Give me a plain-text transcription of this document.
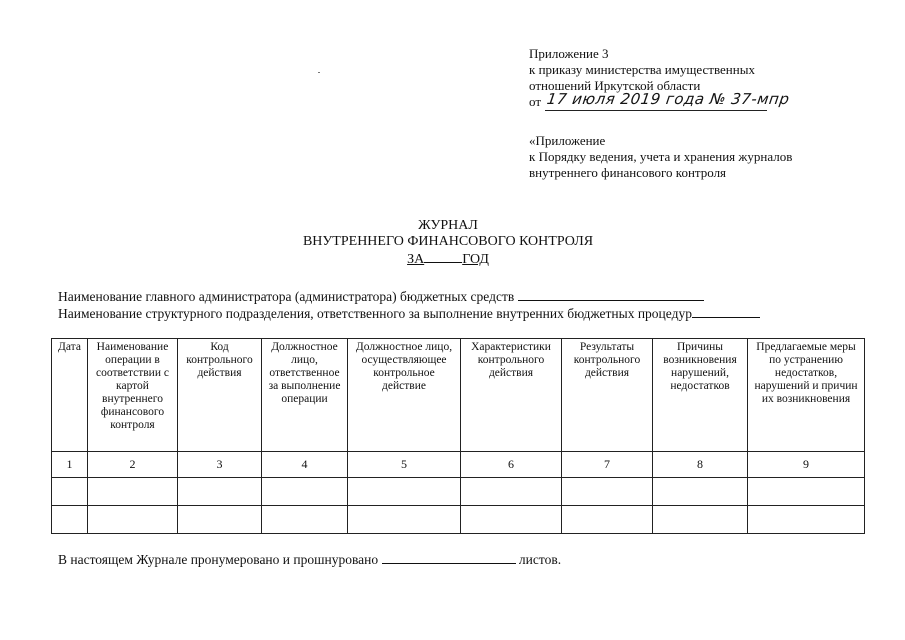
Приложение 3
к приказу министерства имущественных
отношений Иркутской области
от 17 июля 2019 года № 37-мпр
«Приложение
к Порядку ведения, учета и хранения журналов
внутреннего финансового контроля
ЖУРНАЛ
ВНУТРЕННЕГО ФИНАНСОВОГО КОНТРОЛЯ
ЗА	ГОД
Наименование главного администратора (администратора) бюджетных средств
Наименование структурного подразделения, ответственного за выполнение внутренних бюджетных процедур
Дата	Наименование операции в соответствии с картой внутреннего финансового контроля	Код контрольного действия	Должностное лицо, ответственное за выполнение операции	Должностное лицо, осуществляющее контрольное действие	Характеристики контрольного действия	Результаты контрольного действия	Причины возникновения нарушений, недостатков	Предлагаемые меры по устранению недостатков, нарушений и причин их возникновения
1	2	3	4	5	6	7	8	9

В настоящем Журнале пронумеровано и прошнуровано	листов.
